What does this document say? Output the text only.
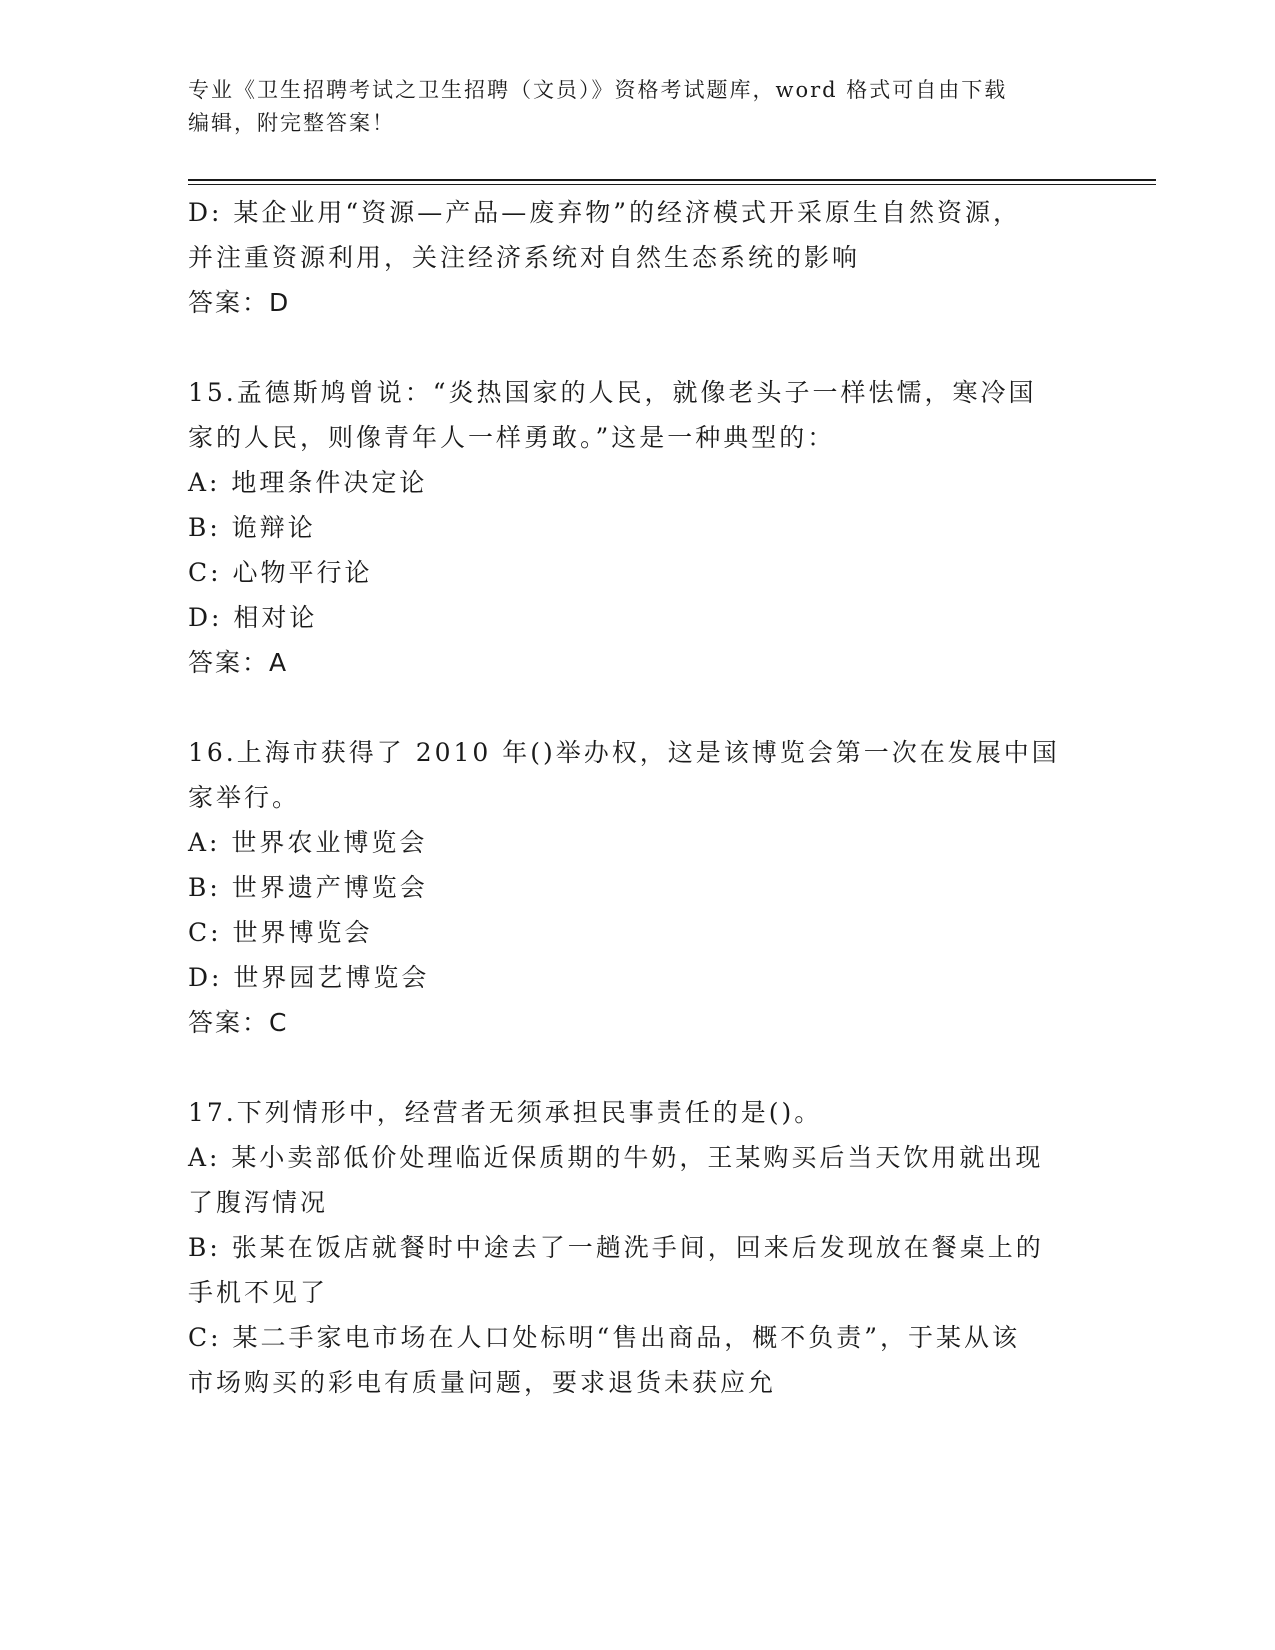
专业《卫生招聘考试之卫生招聘（文员）》资格考试题库，word 格式可自由下载
编辑，附完整答案！
D: 某企业用“资源—产品—废弃物”的经济模式开采原生自然资源，
并注重资源利用，关注经济系统对自然生态系统的影响
答案：D
15.孟德斯鸠曾说：“炎热国家的人民，就像老头子一样怯懦，寒冷国
家的人民，则像青年人一样勇敢。”这是一种典型的：
A: 地理条件决定论
B: 诡辩论
C: 心物平行论
D: 相对论
答案：A
16.上海市获得了 2010 年()举办权，这是该博览会第一次在发展中国
家举行。
A: 世界农业博览会
B: 世界遗产博览会
C: 世界博览会
D: 世界园艺博览会
答案：C
17.下列情形中，经营者无须承担民事责任的是()。
A: 某小卖部低价处理临近保质期的牛奶，王某购买后当天饮用就出现
了腹泻情况
B: 张某在饭店就餐时中途去了一趟洗手间，回来后发现放在餐桌上的
手机不见了
C: 某二手家电市场在人口处标明“售出商品，概不负责”，于某从该
市场购买的彩电有质量问题，要求退货未获应允
